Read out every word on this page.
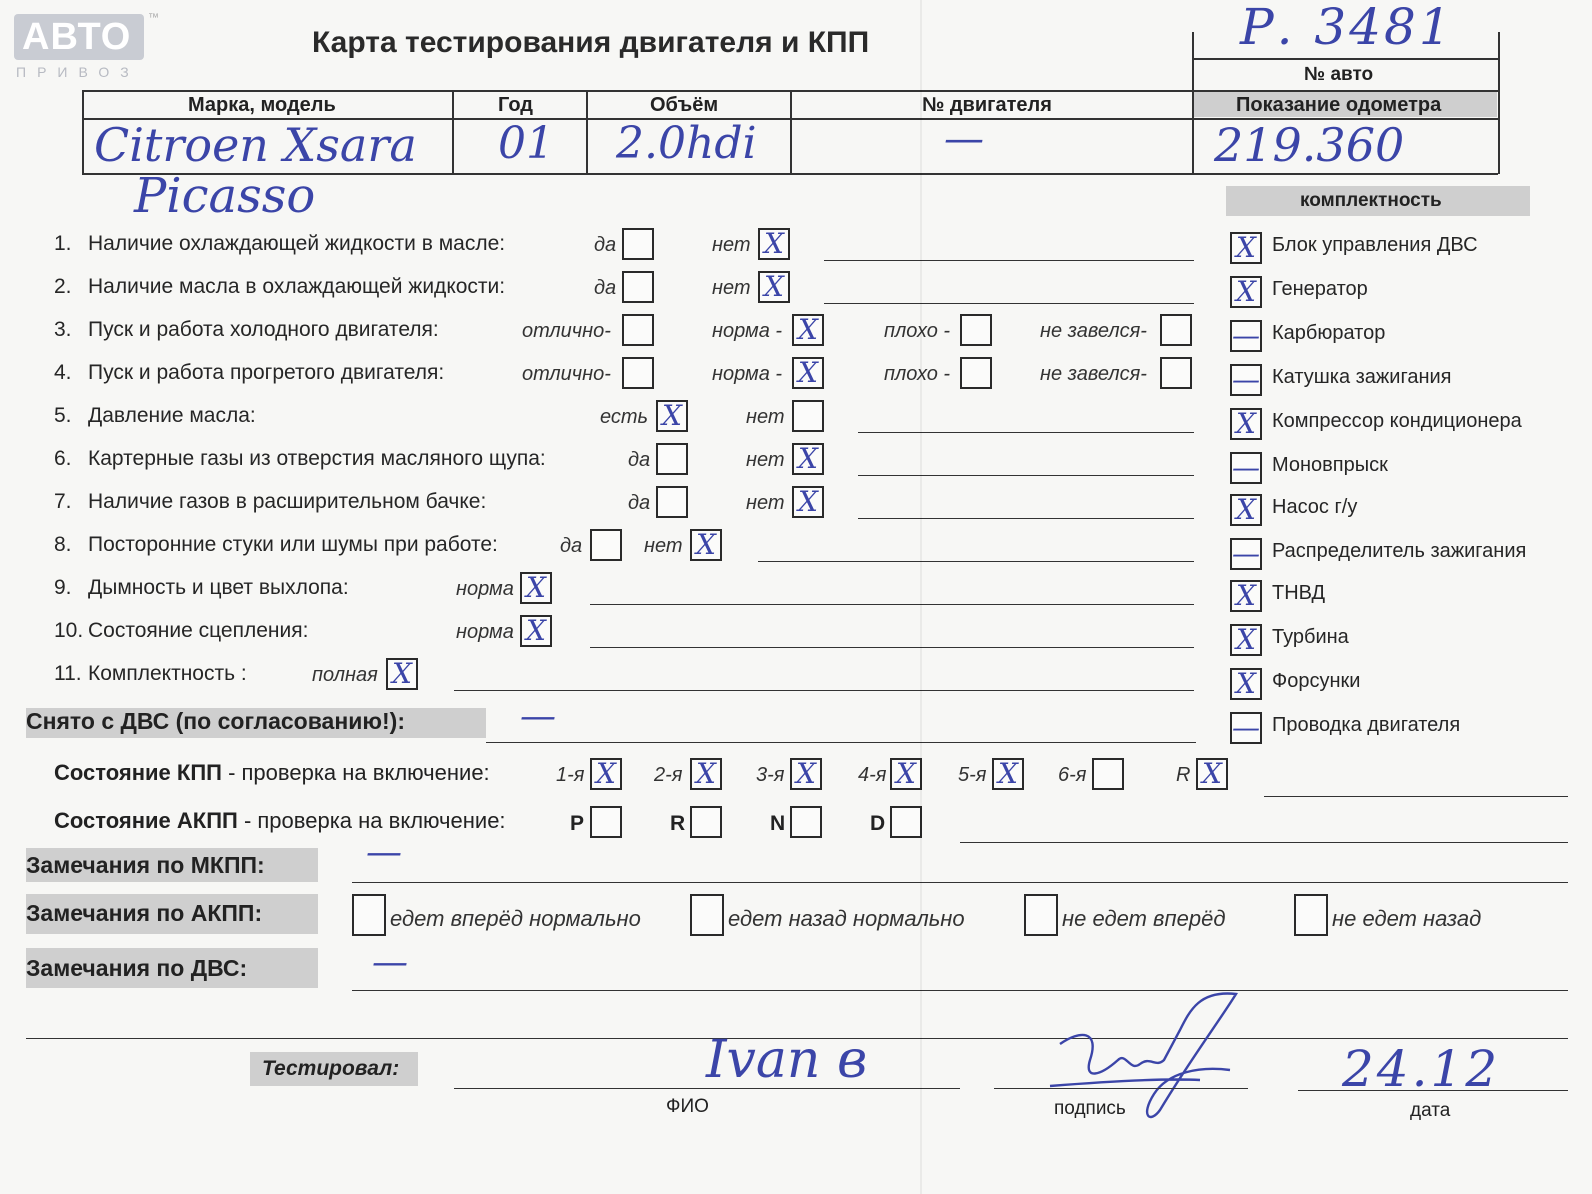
АВТО ™
ПРИВОЗ
Карта тестирования двигателя и КПП	Р. 3481
№ авто
Марка, модель	Год	Объём	№ двигателя	Показание одометра
Citroen Xsara
Picasso
01 2.0hdi	—	219.360
комплектность
X Блок управления ДВС
X Генератор
— Карбюратор
— Катушка зажигания
X Компрессор кондиционера
— Моновпрыск
X Насос г/у
— Распределитель зажигания
X ТНВД
X Турбина
X Форсунки
— Проводка двигателя
1. Наличие охлаждающей жидкости в масле:	да	нет X
2. Наличие масла в охлаждающей жидкости:	да	нет X
3. Пуск и работа холодного двигателя:	отлично-	норма - X	плохо -	не завелся-
4. Пуск и работа прогретого двигателя:	отлично-	норма - X	плохо -	не завелся-
5. Давление масла:	есть X	нет
6. Картерные газы из отверстия масляного щупа:	да	нет X
7. Наличие газов в расширительном бачке:	да	нет X
8. Посторонние стуки или шумы при работе:	да	нет X
9. Дымность и цвет выхлопа:	норма X
10. Состояние сцепления:	норма X
11. Комплектность :	полная X
Снято с ДВС (по согласованию!):	—
Состояние КПП - проверка на включение:	1-я X 2-я X 3-я X 4-я X 5-я X 6-я	R X
Состояние АКПП - проверка на включение:	P	R	N	D
Замечания по МКПП:	—
Замечания по АКПП:	едет вперёд нормально	едет назад нормально	не едет вперёд	не едет назад
Замечания по ДВС:	—
Тестировал:	Ivan в
ФИО	подпись
24.12
дата
